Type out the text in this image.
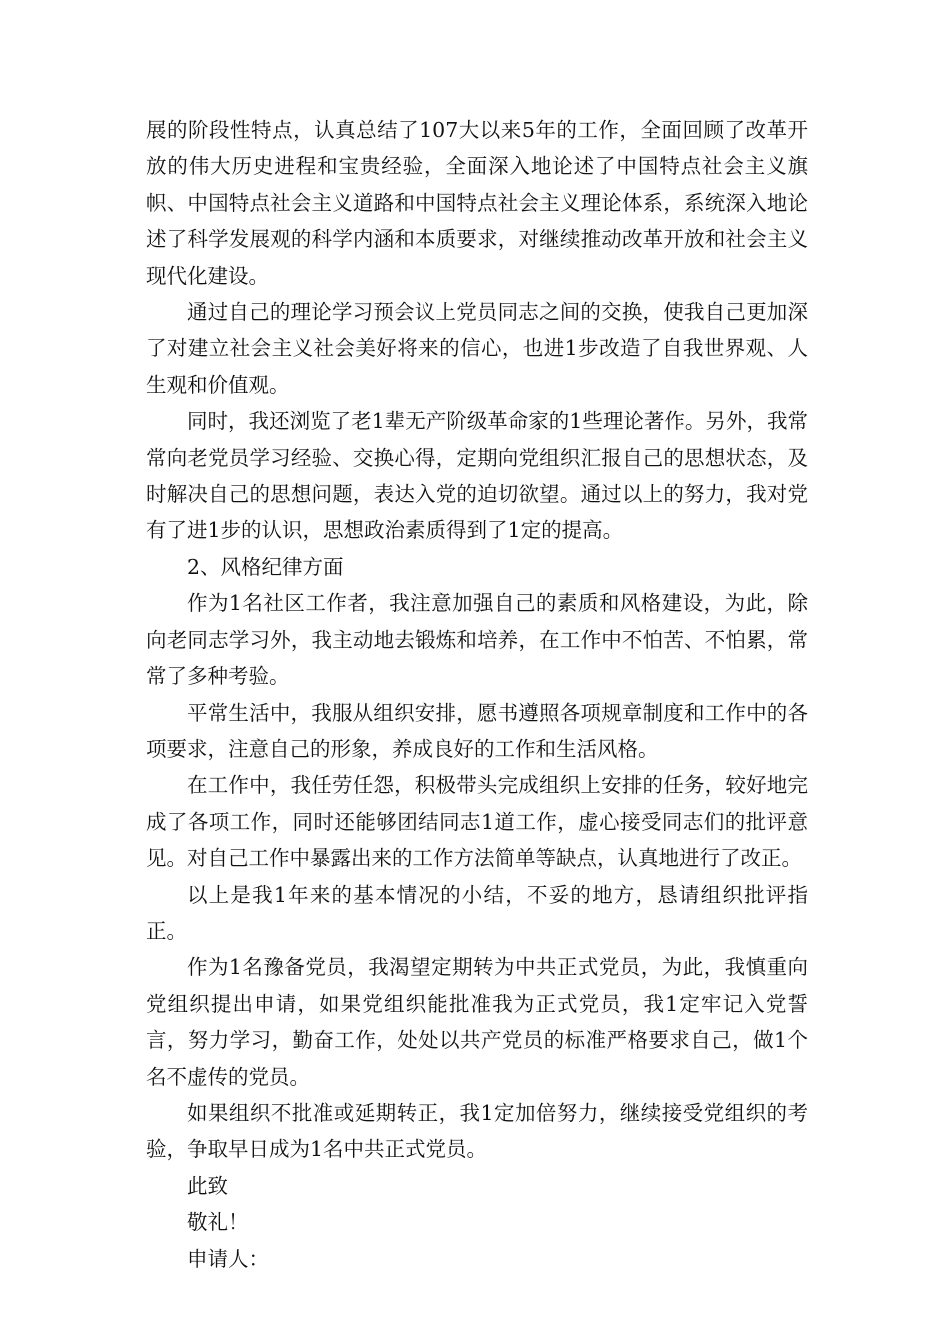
展的阶段性特点，认真总结了107大以来5年的工作，全面回顾了改革开放的伟大历史进程和宝贵经验，全面深入地论述了中国特点社会主义旗帜、中国特点社会主义道路和中国特点社会主义理论体系，系统深入地论述了科学发展观的科学内涵和本质要求，对继续推动改革开放和社会主义现代化建设。

通过自己的理论学习预会议上党员同志之间的交换，使我自己更加深了对建立社会主义社会美好将来的信心，也进1步改造了自我世界观、人生观和价值观。

同时，我还浏览了老1辈无产阶级革命家的1些理论著作。另外，我常常向老党员学习经验、交换心得，定期向党组织汇报自己的思想状态，及时解决自己的思想问题，表达入党的迫切欲望。通过以上的努力，我对党有了进1步的认识，思想政治素质得到了1定的提高。

2、风格纪律方面

作为1名社区工作者，我注意加强自己的素质和风格建设，为此，除向老同志学习外，我主动地去锻炼和培养，在工作中不怕苦、不怕累，常常了多种考验。

平常生活中，我服从组织安排，愿书遵照各项规章制度和工作中的各项要求，注意自己的形象，养成良好的工作和生活风格。

在工作中，我任劳任怨，积极带头完成组织上安排的任务，较好地完成了各项工作，同时还能够团结同志1道工作，虚心接受同志们的批评意见。对自己工作中暴露出来的工作方法简单等缺点，认真地进行了改正。

以上是我1年来的基本情况的小结，不妥的地方，恳请组织批评指正。

作为1名豫备党员，我渴望定期转为中共正式党员，为此，我慎重向党组织提出申请，如果党组织能批准我为正式党员，我1定牢记入党誓言，努力学习，勤奋工作，处处以共产党员的标准严格要求自己，做1个名不虚传的党员。

如果组织不批准或延期转正，我1定加倍努力，继续接受党组织的考验，争取早日成为1名中共正式党员。

此致

敬礼！

申请人：
